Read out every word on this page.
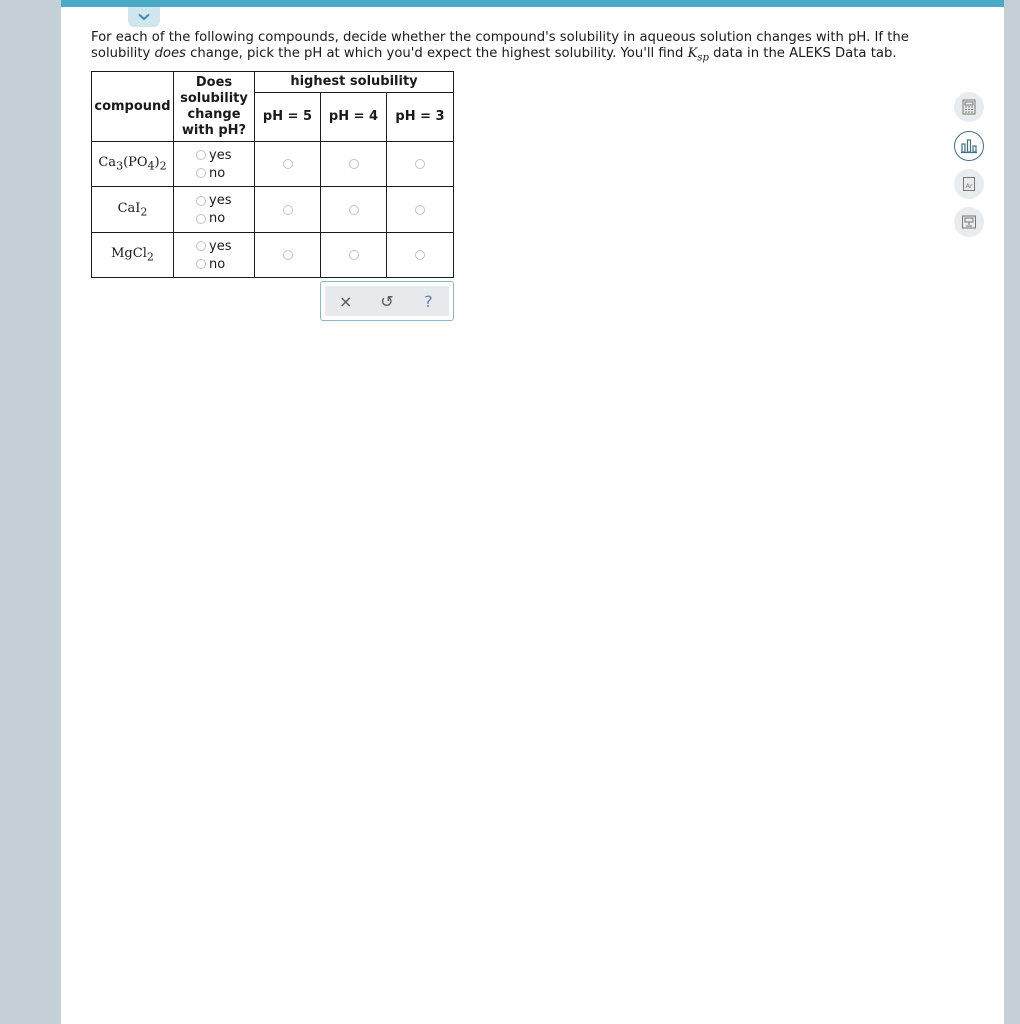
For each of the following compounds, decide whether the compound's solubility in aqueous solution changes with pH. If the solubility does change, pick the pH at which you'd expect the highest solubility. You'll find $K_{sp}$ data in the ALEKS Data tab.
compound	Does
solubility
change
with pH?	highest solubility		
		pH = 5	pH = 4	pH = 3
$Ca_3(PO_4)_2$	yes
no			

CaI$_2$	yes
no			

MgCl$_2$	yes
no			

×	↺	?
Ar
